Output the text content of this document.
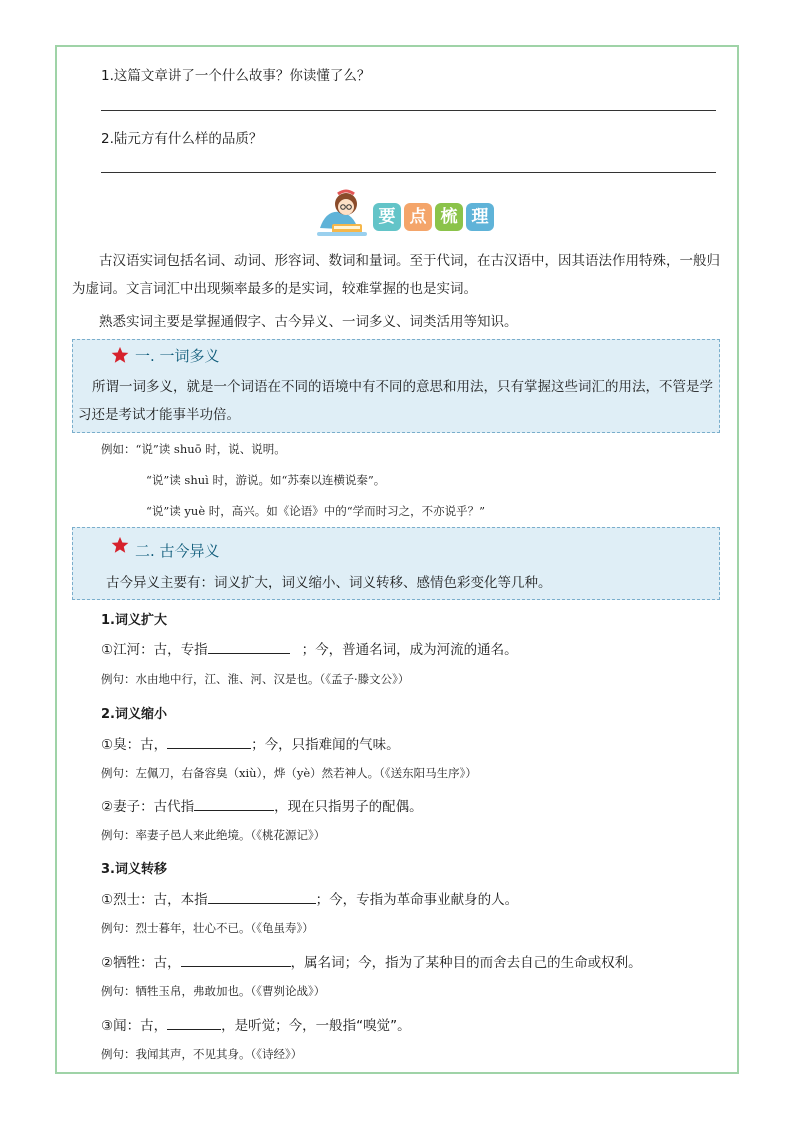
1.这篇文章讲了一个什么故事？你读懂了么？
2.陆元方有什么样的品质？
要 点 梳 理
古汉语实词包括名词、动词、形容词、数词和量词。至于代词，在古汉语中，因其语法作用特殊，一般归为虚词。文言词汇中出现频率最多的是实词，较难掌握的也是实词。
熟悉实词主要是掌握通假字、古今异义、一词多义、词类活用等知识。
一. 一词多义
所谓一词多义，就是一个词语在不同的语境中有不同的意思和用法，只有掌握这些词汇的用法，不管是学习还是考试才能事半功倍。
例如：“说”读 shuō 时，说、说明。
“说”读 shuì 时，游说。如“苏秦以连横说秦”。
“说”读 yuè 时，高兴。如《论语》中的“学而时习之，不亦说乎？”
二. 古今异义
古今异义主要有：词义扩大，词义缩小、词义转移、感情色彩变化等几种。
1.词义扩大
①江河：古，专指	；今，普通名词，成为河流的通名。
例句：水由地中行，江、淮、河、汉是也。（《孟子·滕文公》）
2.词义缩小
①臭：古，	；今，只指难闻的气味。
例句：左佩刀，右备容臭（xiù），烨（yè）然若神人。（《送东阳马生序》）
②妻子：古代指	，现在只指男子的配偶。
例句：率妻子邑人来此绝境。（《桃花源记》）
3.词义转移
①烈士：古，本指	；今，专指为革命事业献身的人。
例句：烈士暮年，壮心不已。（《龟虽寿》）
②牺牲：古，	，属名词；今，指为了某种目的而舍去自己的生命或权利。
例句：牺牲玉帛，弗敢加也。（《曹刿论战》）
③闻：古，	，是听觉；今，一般指“嗅觉”。
例句：我闻其声，不见其身。（《诗经》）
